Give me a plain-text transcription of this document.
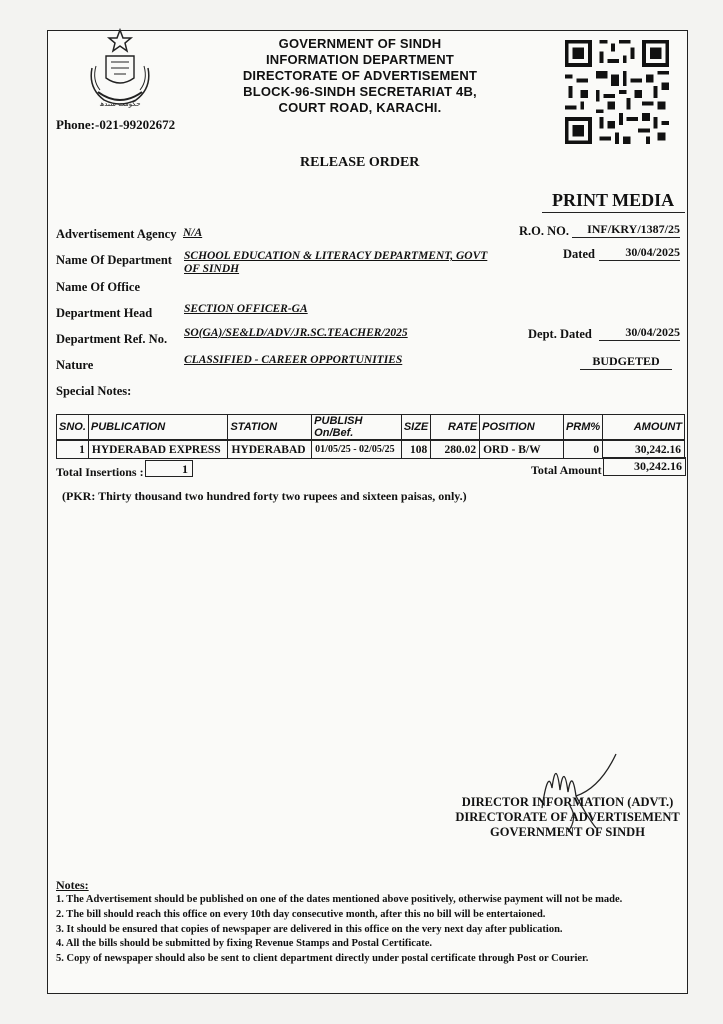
حکومت سندھ
GOVERNMENT OF SINDH
INFORMATION DEPARTMENT
DIRECTORATE OF ADVERTISEMENT
BLOCK-96-SINDH SECRETARIAT 4B,
COURT ROAD, KARACHI.
Phone:-021-99202672
RELEASE ORDER
PRINT MEDIA
Advertisement Agency N/A
Name Of Department SCHOOL EDUCATION & LITERACY DEPARTMENT, GOVT
OF SINDH
Name Of Office
Department Head	SECTION OFFICER-GA
Department Ref. No. SO(GA)/SE&LD/ADV/JR.SC.TEACHER/2025
Nature	CLASSIFIED - CAREER OPPORTUNITIES
Special Notes:
R.O. NO.	INF/KRY/1387/25
Dated	30/04/2025
Dept. Dated	30/04/2025
BUDGETED
SNO.	PUBLICATION	STATION	PUBLISH On/Bef.	SIZE	RATE	POSITION	PRM%	AMOUNT
1	HYDERABAD EXPRESS	HYDERABAD	01/05/25 - 02/05/25	108	280.02	ORD - B/W	0	30,242.16
Total Insertions :	1	Total Amount	30,242.16
(PKR: Thirty thousand two hundred forty two rupees and sixteen paisas, only.)
DIRECTOR INFORMATION (ADVT.)
DIRECTORATE OF ADVERTISEMENT
GOVERNMENT OF SINDH
Notes:
1. The Advertisement should be published on one of the dates mentioned above positively, otherwise payment will not be made.
2. The bill should reach this office on every 10th day consecutive month, after this no bill will be entertaioned.
3. It should be ensured that copies of newspaper are delivered in this office on the very next day after publication.
4. All the bills should be submitted by fixing Revenue Stamps and Postal Certificate.
5. Copy of newspaper should also be sent to client department directly under postal certificate through Post or Courier.
